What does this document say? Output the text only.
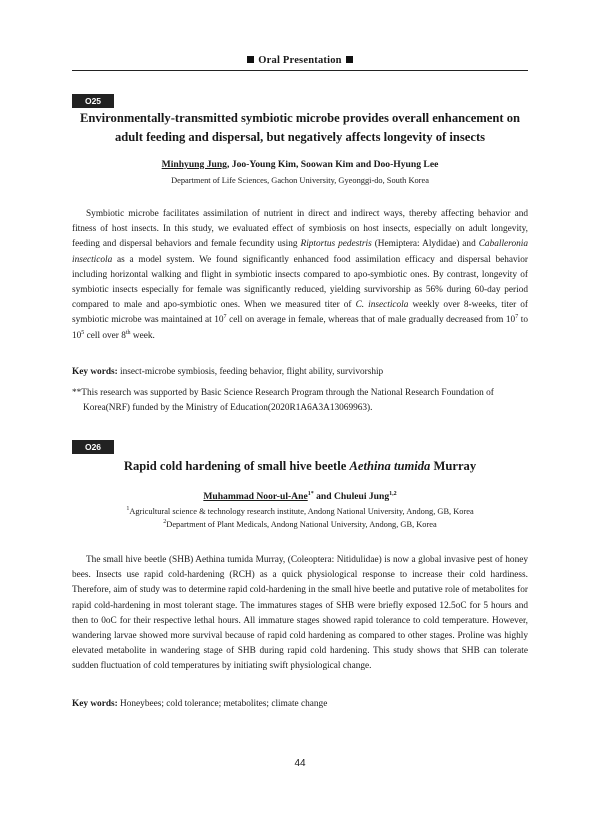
Oral Presentation
O25

Environmentally-transmitted symbiotic microbe provides overall enhancement on adult feeding and dispersal, but negatively affects longevity of insects

Minhyung Jung, Joo-Young Kim, Soowan Kim and Doo-Hyung Lee

Department of Life Sciences, Gachon University, Gyeonggi-do, South Korea

Symbiotic microbe facilitates assimilation of nutrient in direct and indirect ways, thereby affecting behavior and fitness of host insects. In this study, we evaluated effect of symbiosis on host insects, especially on adult longevity, feeding and dispersal behaviors and female fecundity using Riptortus pedestris (Hemiptera: Alydidae) and Caballeronia insecticola as a model system. We found significantly enhanced food assimilation efficacy and dispersal behavior including horizontal walking and flight in symbiotic insects compared to apo-symbiotic ones. By contrast, longevity of symbiotic insects especially for female was significantly reduced, yielding survivorship as 56% during 60-day period compared to male and apo-symbiotic ones. When we measured titer of C. insecticola weekly over 8-weeks, titer of symbiotic microbe was maintained at $10^7$ cell on average in female, whereas that of male gradually decreased from $10^7$ to $10^5$ cell over 8th week.

Key words: insect-microbe symbiosis, feeding behavior, flight ability, survivorship

**This research was supported by Basic Science Research Program through the National Research Foundation of Korea(NRF) funded by the Ministry of Education(2020R1A6A3A13069963).

O26

Rapid cold hardening of small hive beetle Aethina tumida Murray

Muhammad Noor-ul-Ane$^{1*}$ and Chuleui Jung$^{1,2}$

$^1$Agricultural science & technology research institute, Andong National University, Andong, GB, Korea

$^2$Department of Plant Medicals, Andong National University, Andong, GB, Korea

The small hive beetle (SHB) Aethina tumida Murray, (Coleoptera: Nitidulidae) is now a global invasive pest of honey bees. Insects use rapid cold-hardening (RCH) as a quick physiological response to increase their cold hardiness. Therefore, aim of study was to determine rapid cold-hardening in the small hive beetle and putative role of metabolites for rapid cold-hardening in most tolerant stage. The immatures stages of SHB were briefly exposed 12.5oC for 5 hours and then to 0oC for their respective lethal hours. All immature stages showed rapid tolerance to cold temperature. However, wandering larvae showed more survival because of rapid cold hardening as compared to other stages. Proline was highly elevated metabolite in wandering stage of SHB during rapid cold hardening. This study shows that SHB can tolerate sudden fluctuation of cold temperatures by initiating swift physiological change.

Key words: Honeybees; cold tolerance; metabolites; climate change

44
